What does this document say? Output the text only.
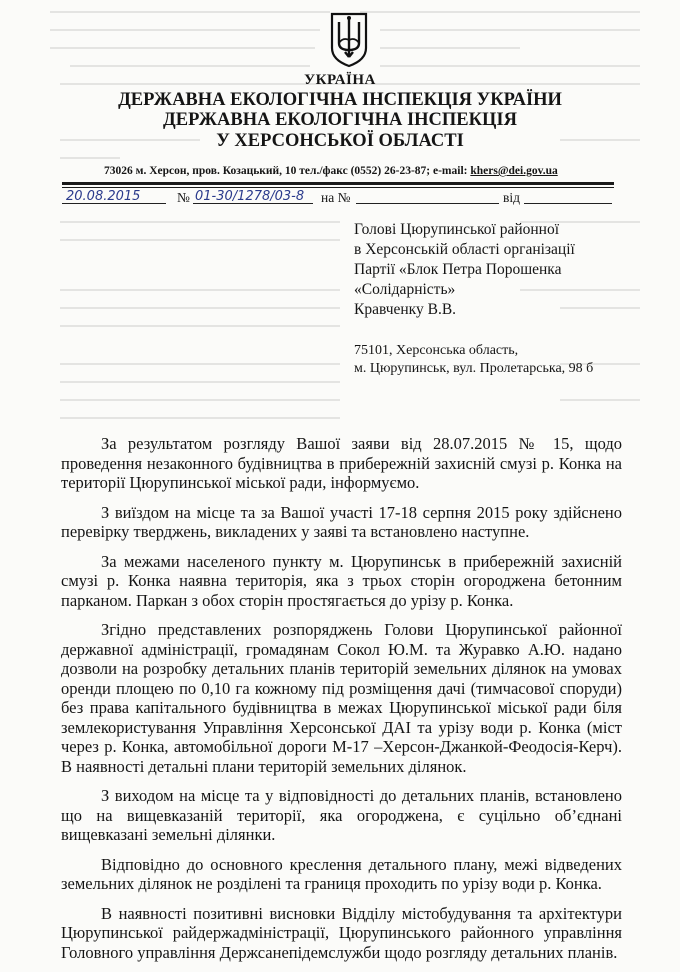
УКРАЇНА
ДЕРЖАВНА ЕКОЛОГІЧНА ІНСПЕКЦІЯ УКРАЇНИ
ДЕРЖАВНА ЕКОЛОГІЧНА ІНСПЕКЦІЯ
У ХЕРСОНСЬКОЇ ОБЛАСТІ
73026 м. Херсон, пров. Козацький, 10 тел./факс (0552) 26-23-87; e-mail: khers@dei.gov.ua
20.08.2015	№ 01-30/1278/03-8 на №	від
Голові Цюрупинської районної
в Херсонській області організації
Партії «Блок Петра Порошенка
«Солідарність»
Кравченку В.В.
75101, Херсонська область,
м. Цюрупинськ, вул. Пролетарська, 98 б

За результатом розгляду Вашої заяви від 28.07.2015 № 15, щодо проведення незаконного будівництва в прибережній захисній смузі р. Конка на території Цюрупинської міської ради, інформуємо.

З виїздом на місце та за Вашої участі 17-18 серпня 2015 року здійснено перевірку тверджень, викладених у заяві та встановлено наступне.

За межами населеного пункту м. Цюрупинськ в прибережній захисній смузі р. Конка наявна територія, яка з трьох сторін огороджена бетонним парканом. Паркан з обох сторін простягається до урізу р. Конка.

Згідно представлених розпоряджень Голови Цюрупинської районної державної адміністрації, громадянам Сокол Ю.М. та Журавко А.Ю. надано дозволи на розробку детальних планів територій земельних ділянок на умовах оренди площею по 0,10 га кожному під розміщення дачі (тимчасової споруди) без права капітального будівництва в межах Цюрупинської міської ради біля землекористування Управління Херсонської ДАІ та урізу води р. Конка (міст через р. Конка, автомобільної дороги М-17 –Херсон-Джанкой-Феодосія-Керч). В наявності детальні плани територій земельних ділянок.

З виходом на місце та у відповідності до детальних планів, встановлено що на вищевказаній території, яка огороджена, є суцільно об’єднані вищевказані земельні ділянки.

Відповідно до основного креслення детального плану, межі відведених земельних ділянок не розділені та границя проходить по урізу води р. Конка.

В наявності позитивні висновки Відділу містобудування та архітектури Цюрупинської райдержадміністрації, Цюрупинського районного управління Головного управління Держсанепідемслужби щодо розгляду детальних планів.
